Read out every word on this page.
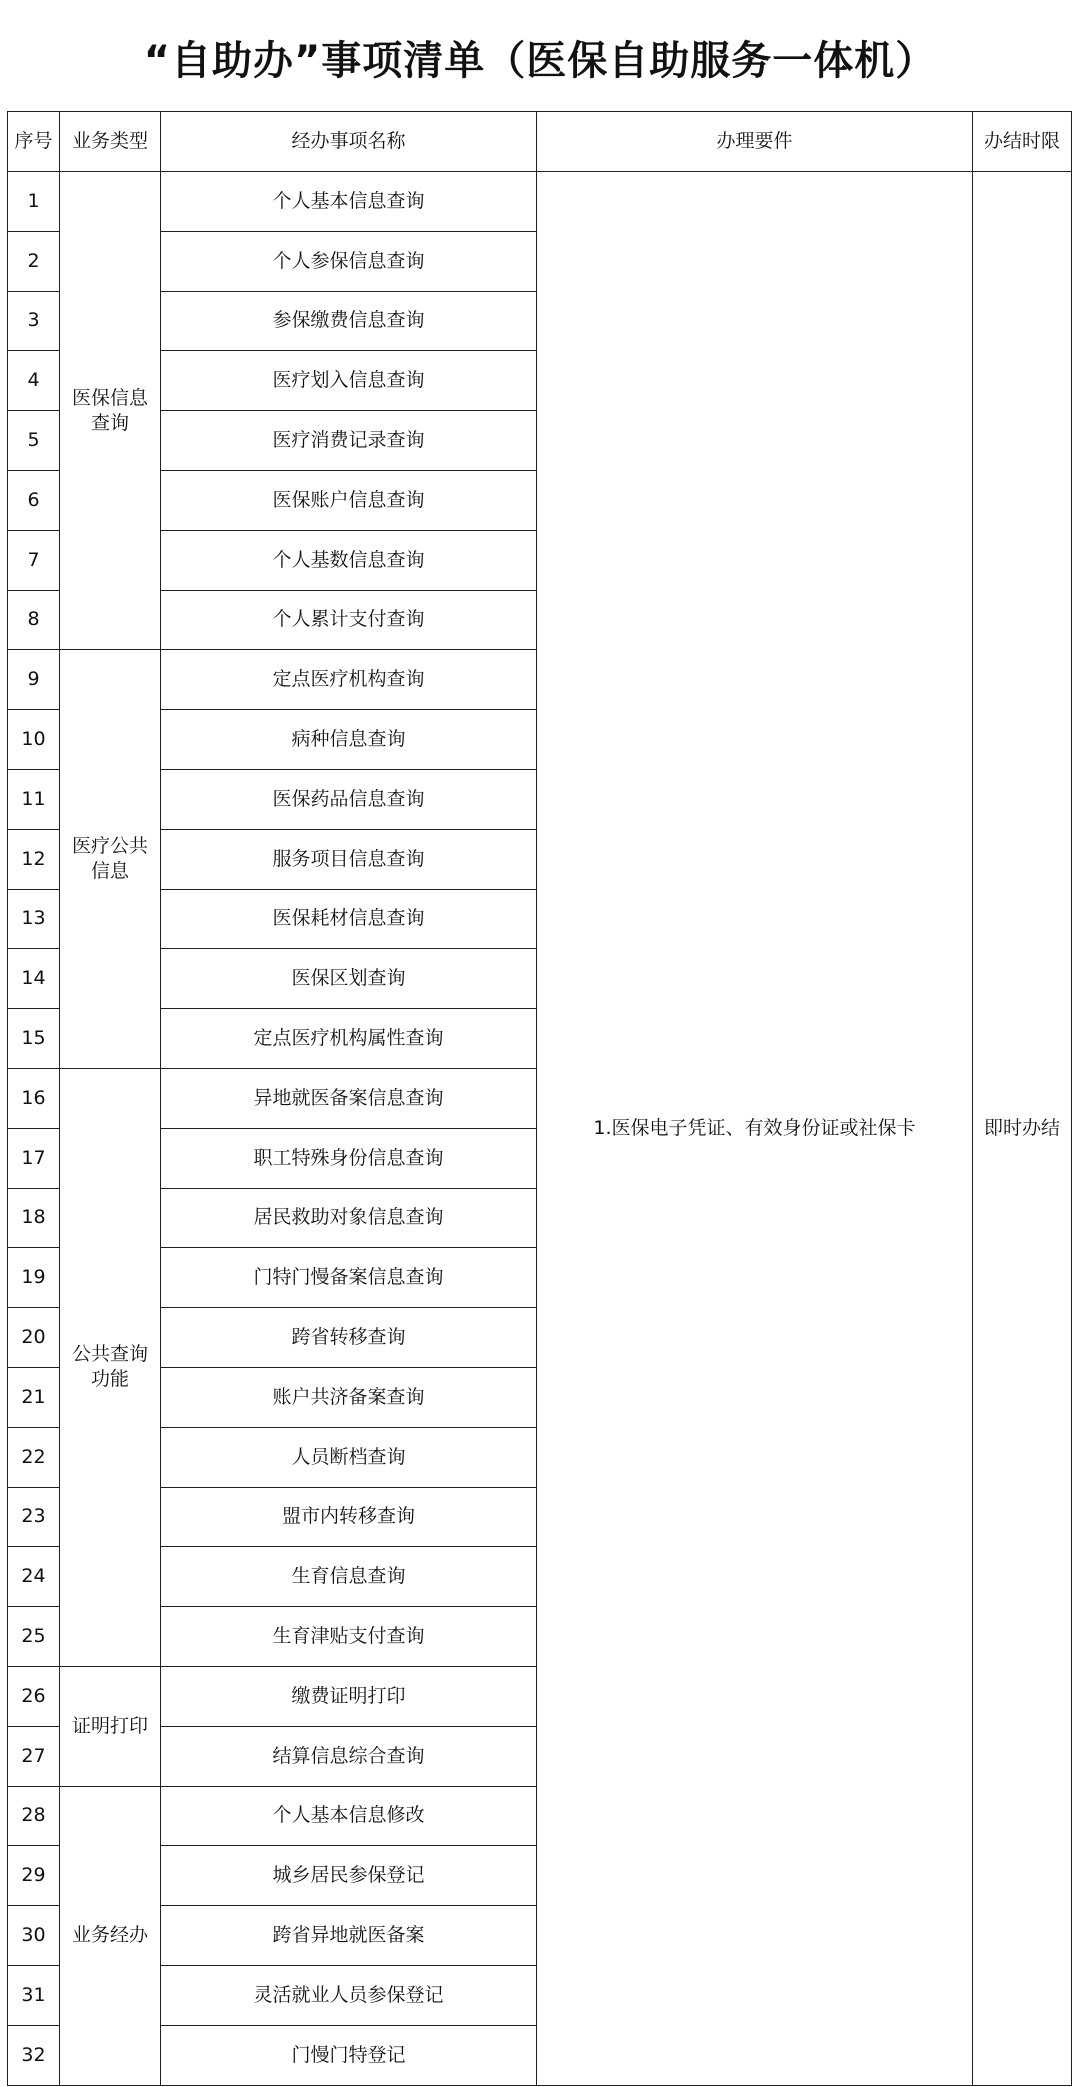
“自助办”事项清单（医保自助服务一体机）
序号	业务类型	经办事项名称	办理要件	办结时限
1	医保信息查询	个人基本信息查询	1.医保电子凭证、有效身份证或社保卡	即时办结
2		个人参保信息查询		
3		参保缴费信息查询		
4		医疗划入信息查询		
5		医疗消费记录查询		
6		医保账户信息查询		
7		个人基数信息查询		
8		个人累计支付查询		
9	医疗公共信息	定点医疗机构查询		
10		病种信息查询		
11		医保药品信息查询		
12		服务项目信息查询		
13		医保耗材信息查询		
14		医保区划查询		
15		定点医疗机构属性查询		
16	公共查询功能	异地就医备案信息查询		
17		职工特殊身份信息查询		
18		居民救助对象信息查询		
19		门特门慢备案信息查询		
20		跨省转移查询		
21		账户共济备案查询		
22		人员断档查询		
23		盟市内转移查询		
24		生育信息查询		
25		生育津贴支付查询		
26	证明打印	缴费证明打印		
27		结算信息综合查询		
28	业务经办	个人基本信息修改		
29		城乡居民参保登记		
30		跨省异地就医备案		
31		灵活就业人员参保登记		
32		门慢门特登记		
